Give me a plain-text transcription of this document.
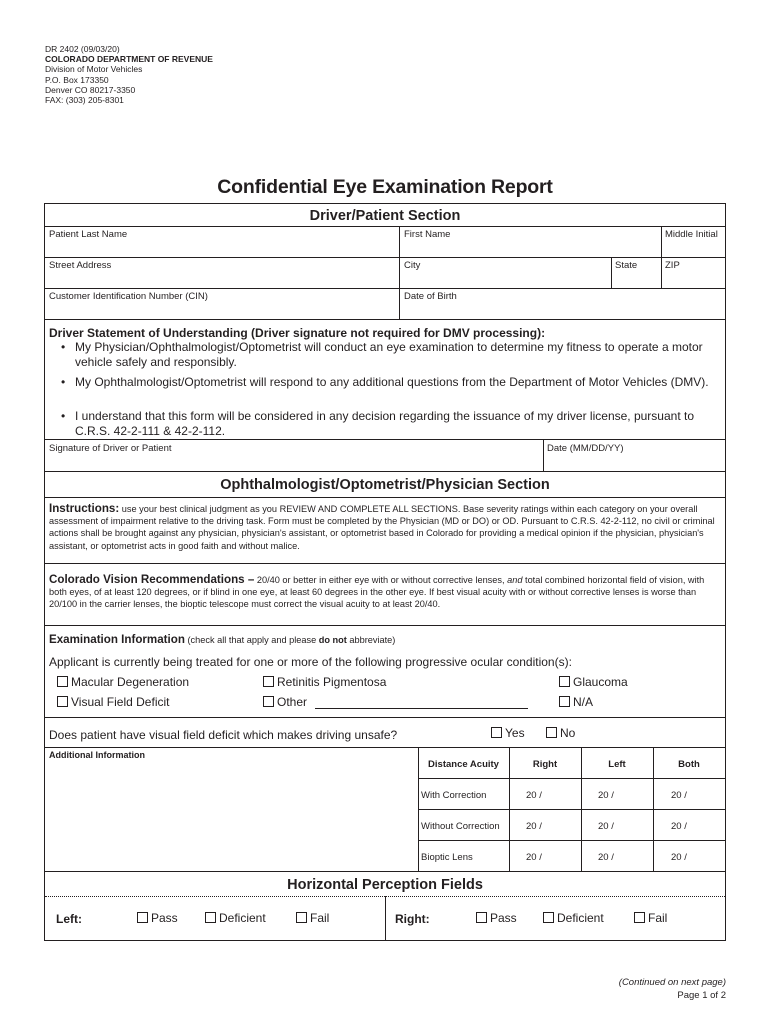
DR 2402 (09/03/20)
COLORADO DEPARTMENT OF REVENUE
Division of Motor Vehicles
P.O. Box 173350
Denver CO 80217-3350
FAX: (303) 205-8301
Confidential Eye Examination Report
Driver/Patient Section
Patient Last Name	First Name	Middle Initial
Street Address	City	State	ZIP
Customer Identification Number (CIN)	Date of Birth
Driver Statement of Understanding (Driver signature not required for DMV processing):
• My Physician/Ophthalmologist/Optometrist will conduct an eye examination to determine my fitness to operate a motor vehicle safely and responsibly.
• My Ophthalmologist/Optometrist will respond to any additional questions from the Department of Motor Vehicles (DMV).
• I understand that this form will be considered in any decision regarding the issuance of my driver license, pursuant to C.R.S. 42-2-111 & 42-2-112.
Signature of Driver or Patient	Date (MM/DD/YY)
Ophthalmologist/Optometrist/Physician Section
Instructions: use your best clinical judgment as you REVIEW AND COMPLETE ALL SECTIONS. Base severity ratings within each category on your overall assessment of impairment relative to the driving task. Form must be completed by the Physician (MD or DO) or OD. Pursuant to C.R.S. 42-2-112, no civil or criminal actions shall be brought against any physician, physician's assistant, or optometrist based in Colorado for providing a medical opinion if the physician, physician's assistant, or optometrist acts in good faith and without malice.
Colorado Vision Recommendations – 20/40 or better in either eye with or without corrective lenses, and total combined horizontal field of vision, with both eyes, of at least 120 degrees, or if blind in one eye, at least 60 degrees in the other eye. If best visual acuity with or without corrective lenses is worse than 20/100 in the carrier lenses, the bioptic telescope must correct the visual acuity to at least 20/40.
Examination Information (check all that apply and please do not abbreviate)
Applicant is currently being treated for one or more of the following progressive ocular condition(s):
Macular Degeneration	Retinitis Pigmentosa	Glaucoma
Visual Field Deficit	Other	N/A
Does patient have visual field deficit which makes driving unsafe?	Yes	No
Additional Information
Distance Acuity	Right	Left	Both
With Correction	20 /	20 /	20 /
Without Correction	20 /	20 /	20 /
Bioptic Lens	20 /	20 /	20 /
Horizontal Perception Fields
Left:	Pass	Deficient	Fail	Right:	Pass	Deficient	Fail
(Continued on next page)
Page 1 of 2
